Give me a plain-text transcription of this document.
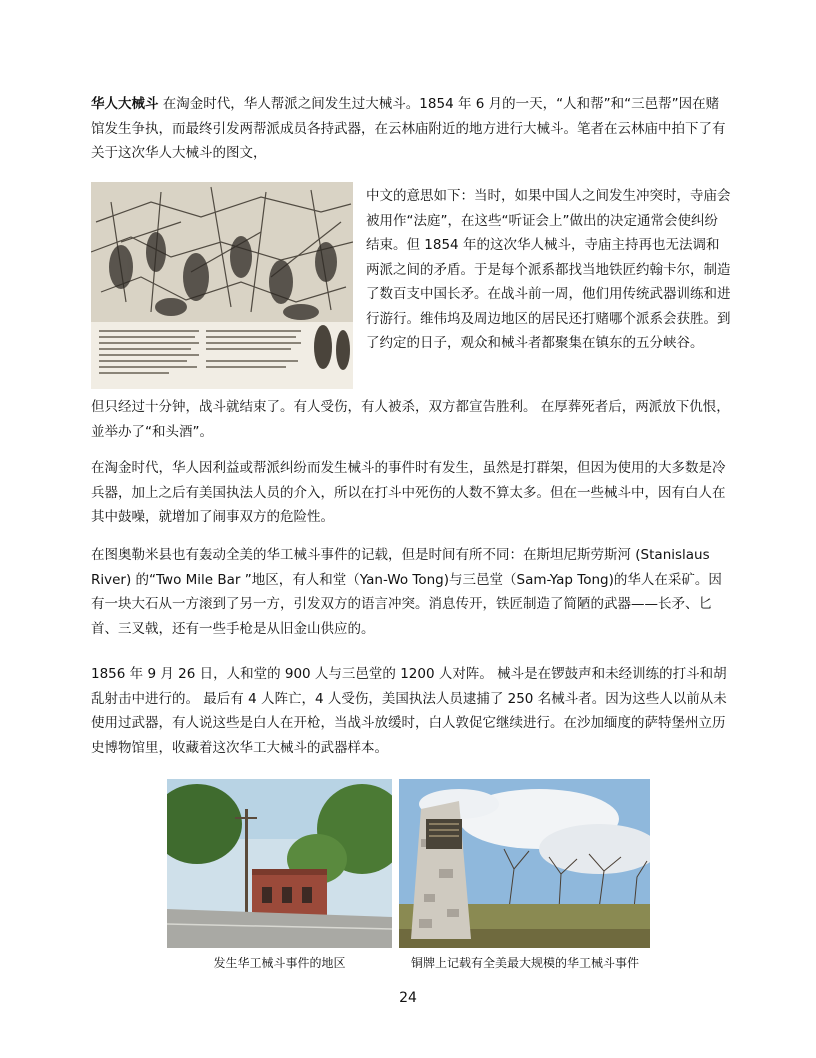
华人大械斗 在淘金时代，华人帮派之间发生过大械斗。1854 年 6 月的一天，“人和帮”和“三邑帮”因在赌馆发生争执，而最终引发两帮派成员各持武器，在云林庙附近的地方进行大械斗。笔者在云林庙中拍下了有关于这次华人大械斗的图文，

中文的意思如下：当时，如果中国人之间发生冲突时，寺庙会被用作“法庭”，在这些“听证会上”做出的决定通常会使纠纷结束。但 1854 年的这次华人械斗，寺庙主持再也无法调和两派之间的矛盾。于是每个派系都找当地铁匠约翰卡尔，制造了数百支中国长矛。在战斗前一周，他们用传统武器训练和进行游行。维伟坞及周边地区的居民还打赌哪个派系会获胜。到了约定的日子，观众和械斗者都聚集在镇东的五分峡谷。

但只经过十分钟，战斗就结束了。有人受伤，有人被杀，双方都宣告胜利。 在厚葬死者后，两派放下仇恨，並举办了“和头酒”。

在淘金时代，华人因利益或帮派纠纷而发生械斗的事件时有发生，虽然是打群架，但因为使用的大多数是冷兵器，加上之后有美国执法人员的介入，所以在打斗中死伤的人数不算太多。但在一些械斗中，因有白人在其中鼓噪，就增加了闹事双方的危险性。

在图奥勒米县也有轰动全美的华工械斗事件的记载，但是时间有所不同：在斯坦尼斯劳斯河 (Stanislaus River) 的“Two Mile Bar ”地区，有人和堂（Yan-Wo Tong)与三邑堂（Sam-Yap Tong)的华人在采矿。因有一块大石从一方滚到了另一方，引发双方的语言冲突。消息传开，铁匠制造了简陋的武器——长矛、匕首、三叉戟，还有一些手枪是从旧金山供应的。

1856 年 9 月 26 日，人和堂的 900 人与三邑堂的 1200 人对阵。 械斗是在锣鼓声和未经训练的打斗和胡乱射击中进行的。 最后有 4 人阵亡，4 人受伤，美国执法人员逮捕了 250 名械斗者。因为这些人以前从未使用过武器，有人说这些是白人在开枪，当战斗放缓时，白人敦促它继续进行。在沙加缅度的萨特堡州立历史博物馆里，收藏着这次华工大械斗的武器样本。

发生华工械斗事件的地区	铜牌上记载有全美最大规模的华工械斗事件
24
